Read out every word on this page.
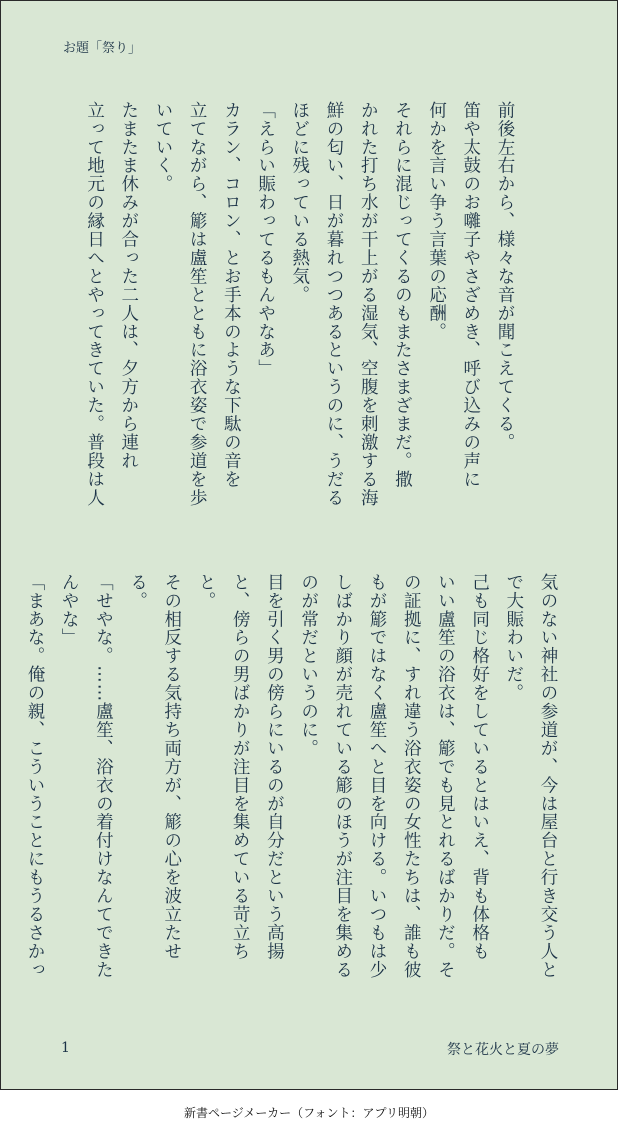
お題「祭り」

前後左右から、様々な音が聞こえてくる。

笛や太鼓のお囃子やさざめき、呼び込みの声に

何かを言い争う言葉の応酬。

それらに混じってくるのもまたさまざまだ。撒

かれた打ち水が干上がる湿気、空腹を刺激する海

鮮の匂い、日が暮れつつあるというのに、うだる

ほどに残っている熱気。

「えらい賑わってるもんやなあ」

カラン、コロン、とお手本のような下駄の音を

立てながら、簓は盧笙とともに浴衣姿で参道を歩

いていく。

たまたま休みが合った二人は、夕方から連れ

立って地元の縁日へとやってきていた。普段は人

気のない神社の参道が、今は屋台と行き交う人と

で大賑わいだ。

己も同じ格好をしているとはいえ、背も体格も

いい盧笙の浴衣は、簓でも見とれるばかりだ。そ

の証拠に、すれ違う浴衣姿の女性たちは、誰も彼

もが簓ではなく盧笙へと目を向ける。いつもは少

しばかり顔が売れている簓のほうが注目を集める

のが常だというのに。

目を引く男の傍らにいるのが自分だという高揚

と、傍らの男ばかりが注目を集めている苛立ちと。

その相反する気持ち両方が、簓の心を波立たせ

る。

「せやな。……盧笙、浴衣の着付けなんてできた

んやな」

「まあな。俺の親、こういうことにもうるさかっ

1	祭と花火と夏の夢
新書ページメーカー（フォント：アプリ明朝）
